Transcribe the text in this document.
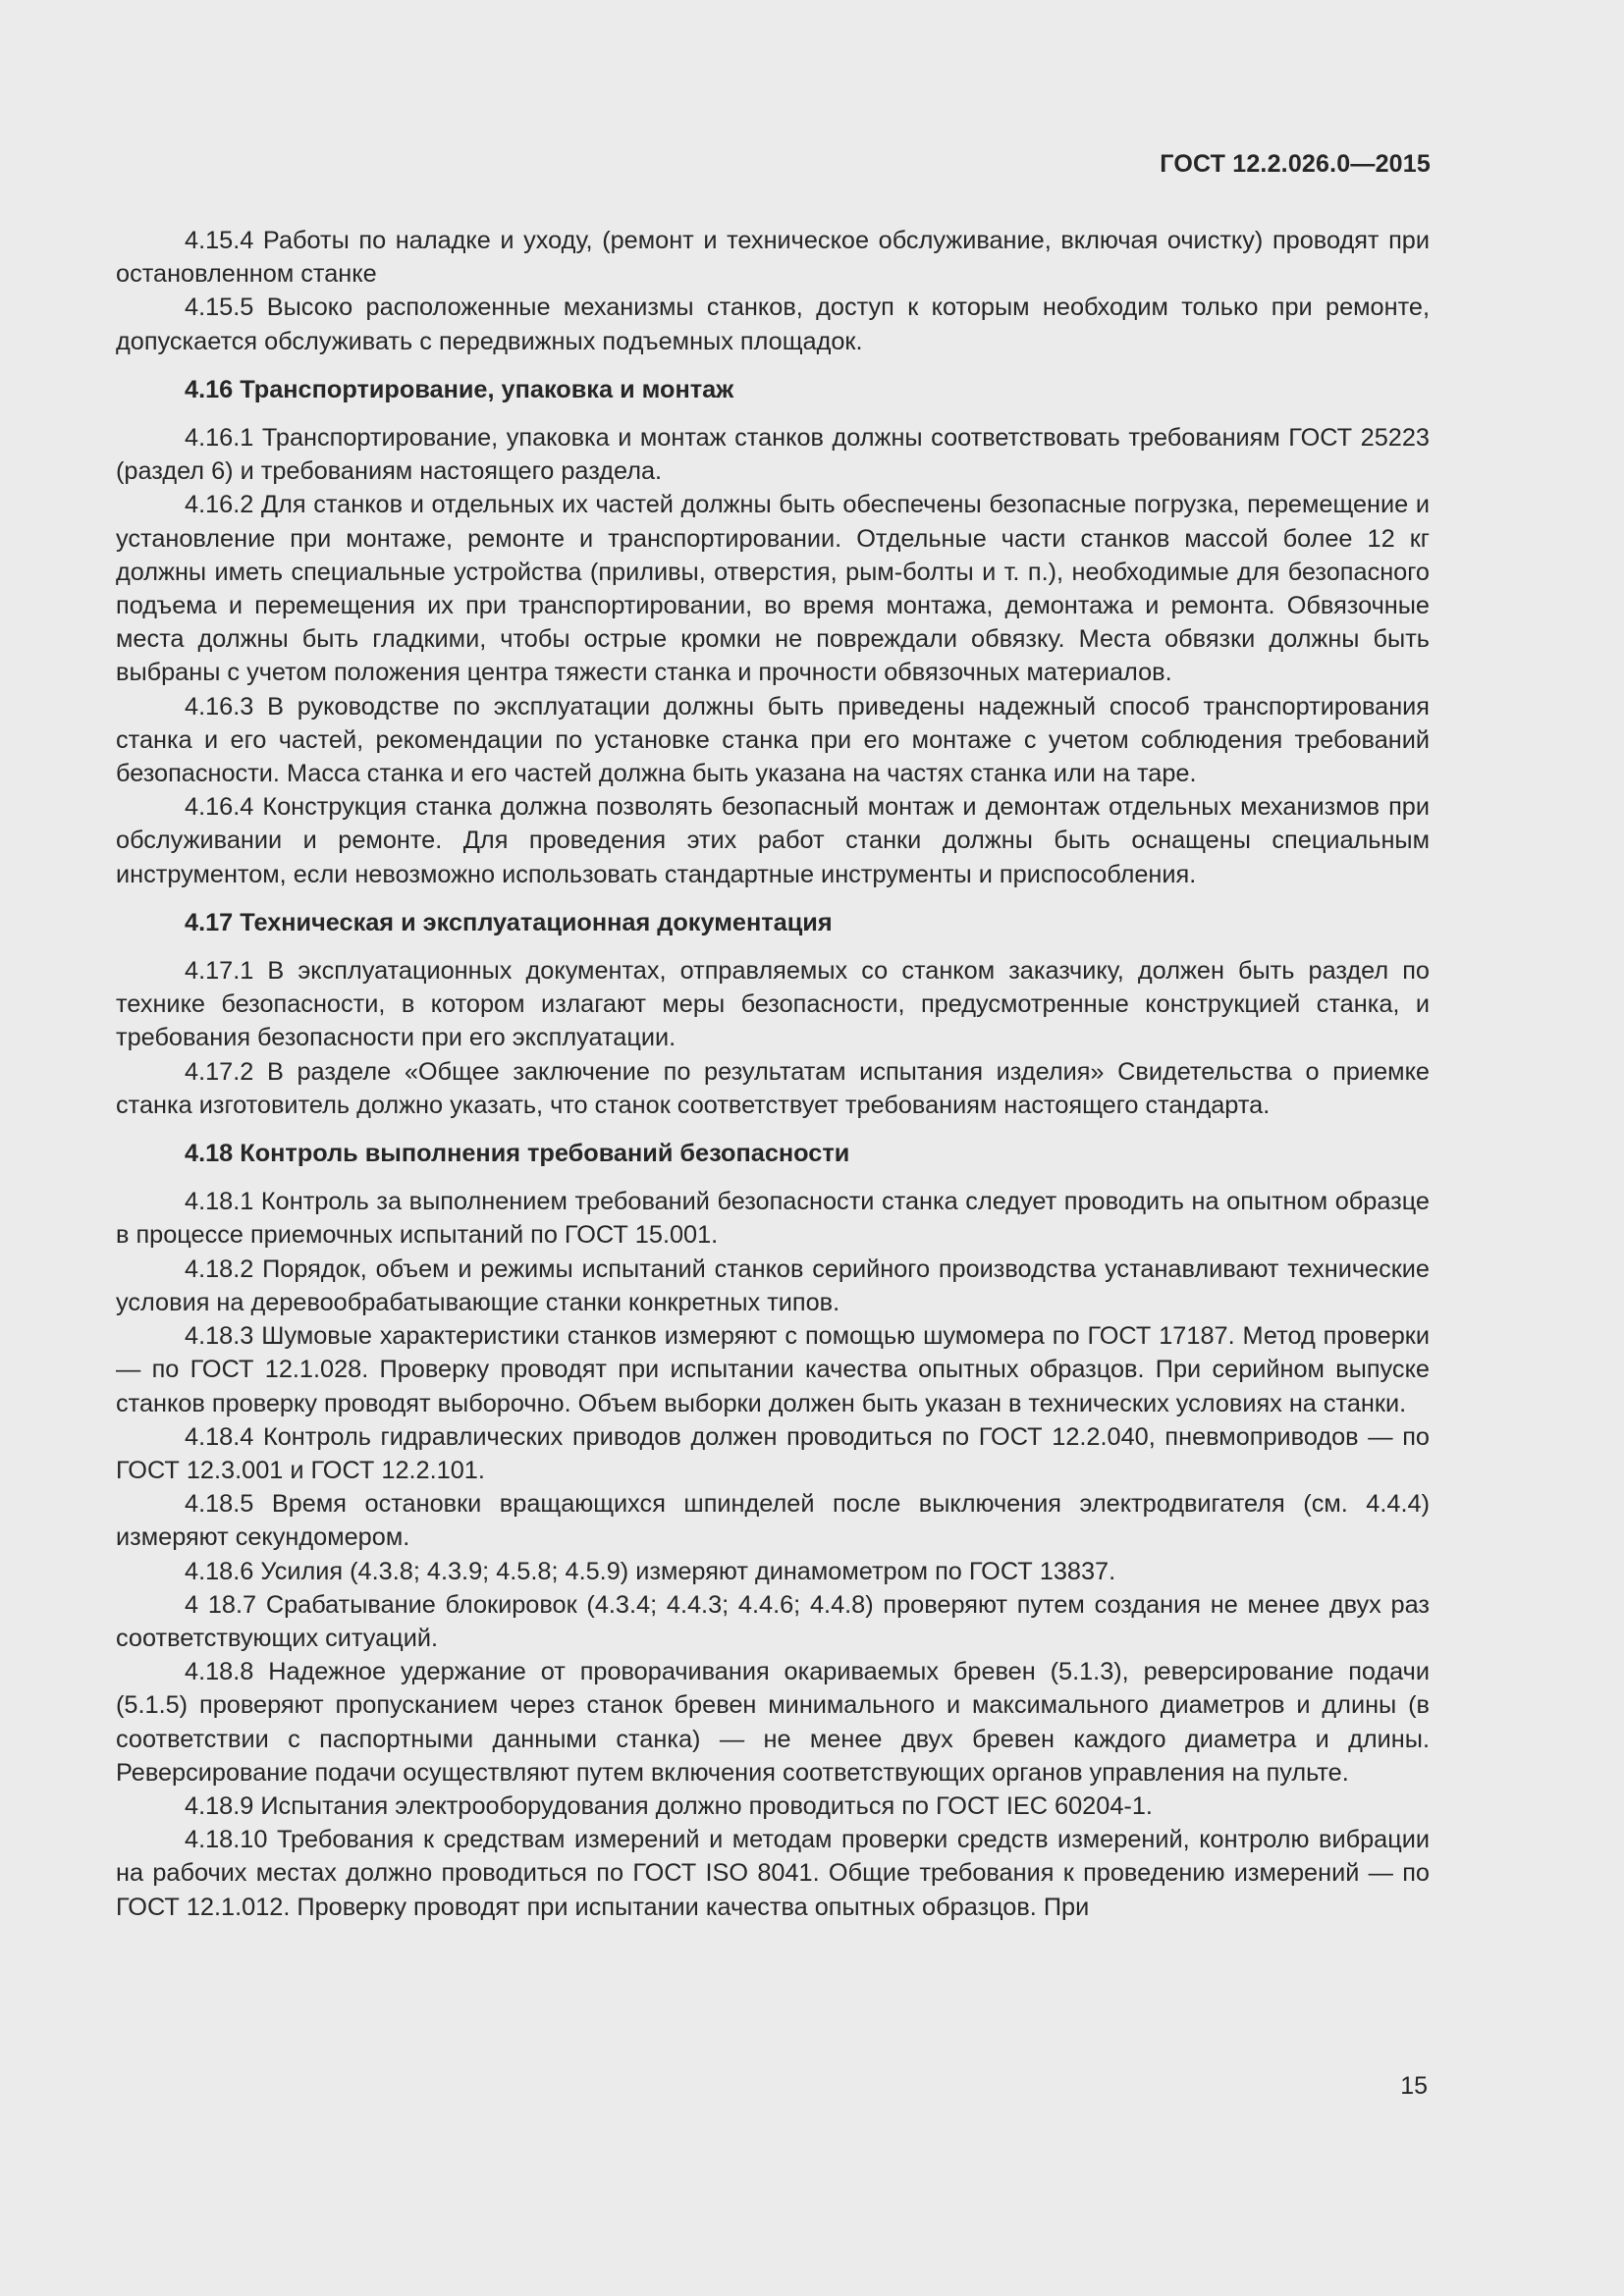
ГОСТ 12.2.026.0—2015

4.15.4 Работы по наладке и уходу, (ремонт и техническое обслуживание, включая очистку) проводят при остановленном станке

4.15.5 Высоко расположенные механизмы станков, доступ к которым необходим только при ремонте, допускается обслуживать с передвижных подъемных площадок.

4.16 Транспортирование, упаковка и монтаж

4.16.1 Транспортирование, упаковка и монтаж станков должны соответствовать требованиям ГОСТ 25223 (раздел 6) и требованиям настоящего раздела.

4.16.2 Для станков и отдельных их частей должны быть обеспечены безопасные погрузка, перемещение и установление при монтаже, ремонте и транспортировании. Отдельные части станков массой более 12 кг должны иметь специальные устройства (приливы, отверстия, рым-болты и т. п.), необходимые для безопасного подъема и перемещения их при транспортировании, во время монтажа, демонтажа и ремонта. Обвязочные места должны быть гладкими, чтобы острые кромки не повреждали обвязку. Места обвязки должны быть выбраны с учетом положения центра тяжести станка и прочности обвязочных материалов.

4.16.3 В руководстве по эксплуатации должны быть приведены надежный способ транспортирования станка и его частей, рекомендации по установке станка при его монтаже с учетом соблюдения требований безопасности. Масса станка и его частей должна быть указана на частях станка или на таре.

4.16.4 Конструкция станка должна позволять безопасный монтаж и демонтаж отдельных механизмов при обслуживании и ремонте. Для проведения этих работ станки должны быть оснащены специальным инструментом, если невозможно использовать стандартные инструменты и приспособления.

4.17 Техническая и эксплуатационная документация

4.17.1 В эксплуатационных документах, отправляемых со станком заказчику, должен быть раздел по технике безопасности, в котором излагают меры безопасности, предусмотренные конструкцией станка, и требования безопасности при его эксплуатации.

4.17.2 В разделе «Общее заключение по результатам испытания изделия» Свидетельства о приемке станка изготовитель должно указать, что станок соответствует требованиям настоящего стандарта.

4.18 Контроль выполнения требований безопасности

4.18.1 Контроль за выполнением требований безопасности станка следует проводить на опытном образце в процессе приемочных испытаний по ГОСТ 15.001.

4.18.2 Порядок, объем и режимы испытаний станков серийного производства устанавливают технические условия на деревообрабатывающие станки конкретных типов.

4.18.3 Шумовые характеристики станков измеряют с помощью шумомера по ГОСТ 17187. Метод проверки — по ГОСТ 12.1.028. Проверку проводят при испытании качества опытных образцов. При серийном выпуске станков проверку проводят выборочно. Объем выборки должен быть указан в технических условиях на станки.

4.18.4 Контроль гидравлических приводов должен проводиться по ГОСТ 12.2.040, пневмоприводов — по ГОСТ 12.3.001 и ГОСТ 12.2.101.

4.18.5 Время остановки вращающихся шпинделей после выключения электродвигателя (см. 4.4.4) измеряют секундомером.

4.18.6 Усилия (4.3.8; 4.3.9; 4.5.8; 4.5.9) измеряют динамометром по ГОСТ 13837.

4 18.7 Срабатывание блокировок (4.3.4; 4.4.3; 4.4.6; 4.4.8) проверяют путем создания не менее двух раз соответствующих ситуаций.

4.18.8 Надежное удержание от проворачивания окариваемых бревен (5.1.3), реверсирование подачи (5.1.5) проверяют пропусканием через станок бревен минимального и максимального диаметров и длины (в соответствии с паспортными данными станка) — не менее двух бревен каждого диаметра и длины. Реверсирование подачи осуществляют путем включения соответствующих органов управления на пульте.

4.18.9 Испытания электрооборудования должно проводиться по ГОСТ IEC 60204-1.

4.18.10 Требования к средствам измерений и методам проверки средств измерений, контролю вибрации на рабочих местах должно проводиться по ГОСТ ISO 8041. Общие требования к проведению измерений — по ГОСТ 12.1.012. Проверку проводят при испытании качества опытных образцов. При

15
